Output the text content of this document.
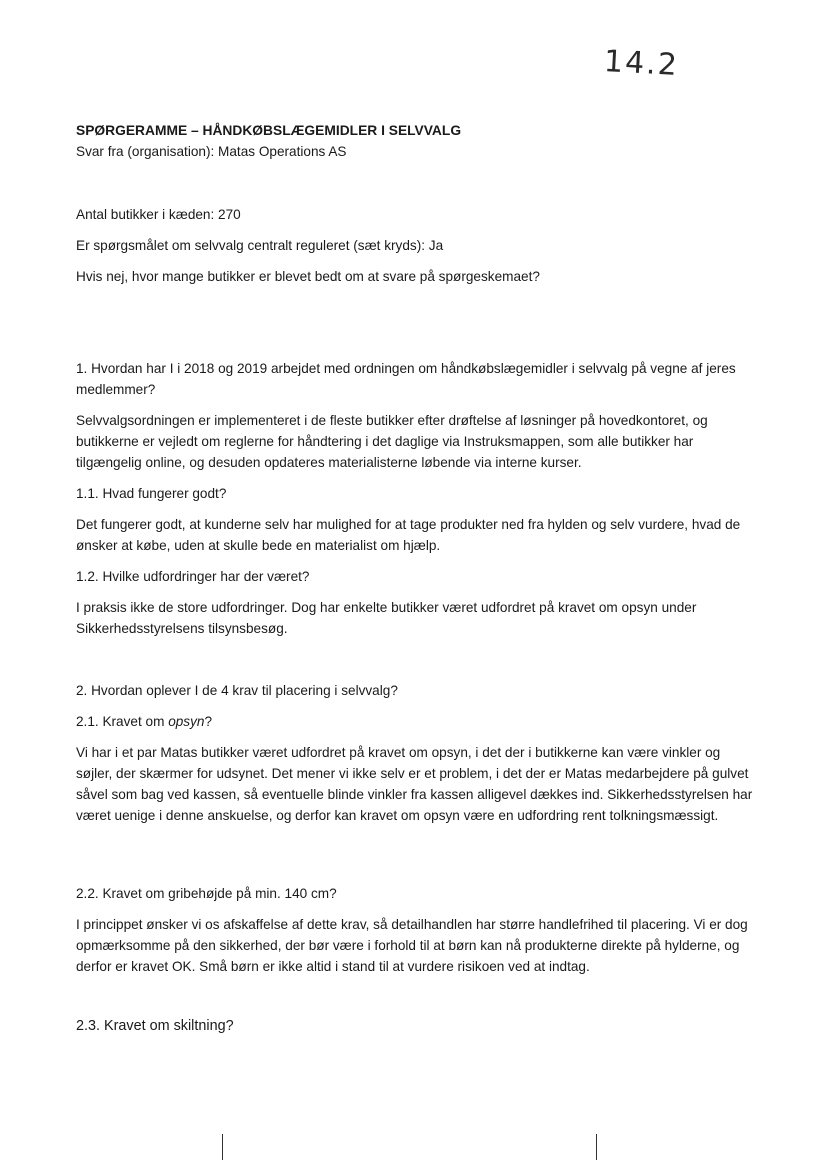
14.2

SPØRGERAMME – HÅNDKØBSLÆGEMIDLER I SELVVALG

Svar fra (organisation): Matas Operations AS

Antal butikker i kæden: 270

Er spørgsmålet om selvvalg centralt reguleret (sæt kryds): Ja

Hvis nej, hvor mange butikker er blevet bedt om at svare på spørgeskemaet?

1. Hvordan har I i 2018 og 2019 arbejdet med ordningen om håndkøbslægemidler i selvvalg på vegne af jeres medlemmer?

Selvvalgsordningen er implementeret i de fleste butikker efter drøftelse af løsninger på hovedkontoret, og butikkerne er vejledt om reglerne for håndtering i det daglige via Instruksmappen, som alle butikker har tilgængelig online, og desuden opdateres materialisterne løbende via interne kurser.

1.1. Hvad fungerer godt?

Det fungerer godt, at kunderne selv har mulighed for at tage produkter ned fra hylden og selv vurdere, hvad de ønsker at købe, uden at skulle bede en materialist om hjælp.

1.2. Hvilke udfordringer har der været?

I praksis ikke de store udfordringer. Dog har enkelte butikker været udfordret på kravet om opsyn under Sikkerhedsstyrelsens tilsynsbesøg.

2. Hvordan oplever I de 4 krav til placering i selvvalg?

2.1. Kravet om opsyn?

Vi har i et par Matas butikker været udfordret på kravet om opsyn, i det der i butikkerne kan være vinkler og søjler, der skærmer for udsynet. Det mener vi ikke selv er et problem, i det der er Matas medarbejdere på gulvet såvel som bag ved kassen, så eventuelle blinde vinkler fra kassen alligevel dækkes ind. Sikkerhedsstyrelsen har været uenige i denne anskuelse, og derfor kan kravet om opsyn være en udfordring rent tolkningsmæssigt.

2.2. Kravet om gribehøjde på min. 140 cm?

I princippet ønsker vi os afskaffelse af dette krav, så detailhandlen har større handlefrihed til placering. Vi er dog opmærksomme på den sikkerhed, der bør være i forhold til at børn kan nå produkterne direkte på hylderne, og derfor er kravet OK. Små børn er ikke altid i stand til at vurdere risikoen ved at indtag.

2.3. Kravet om skiltning?
